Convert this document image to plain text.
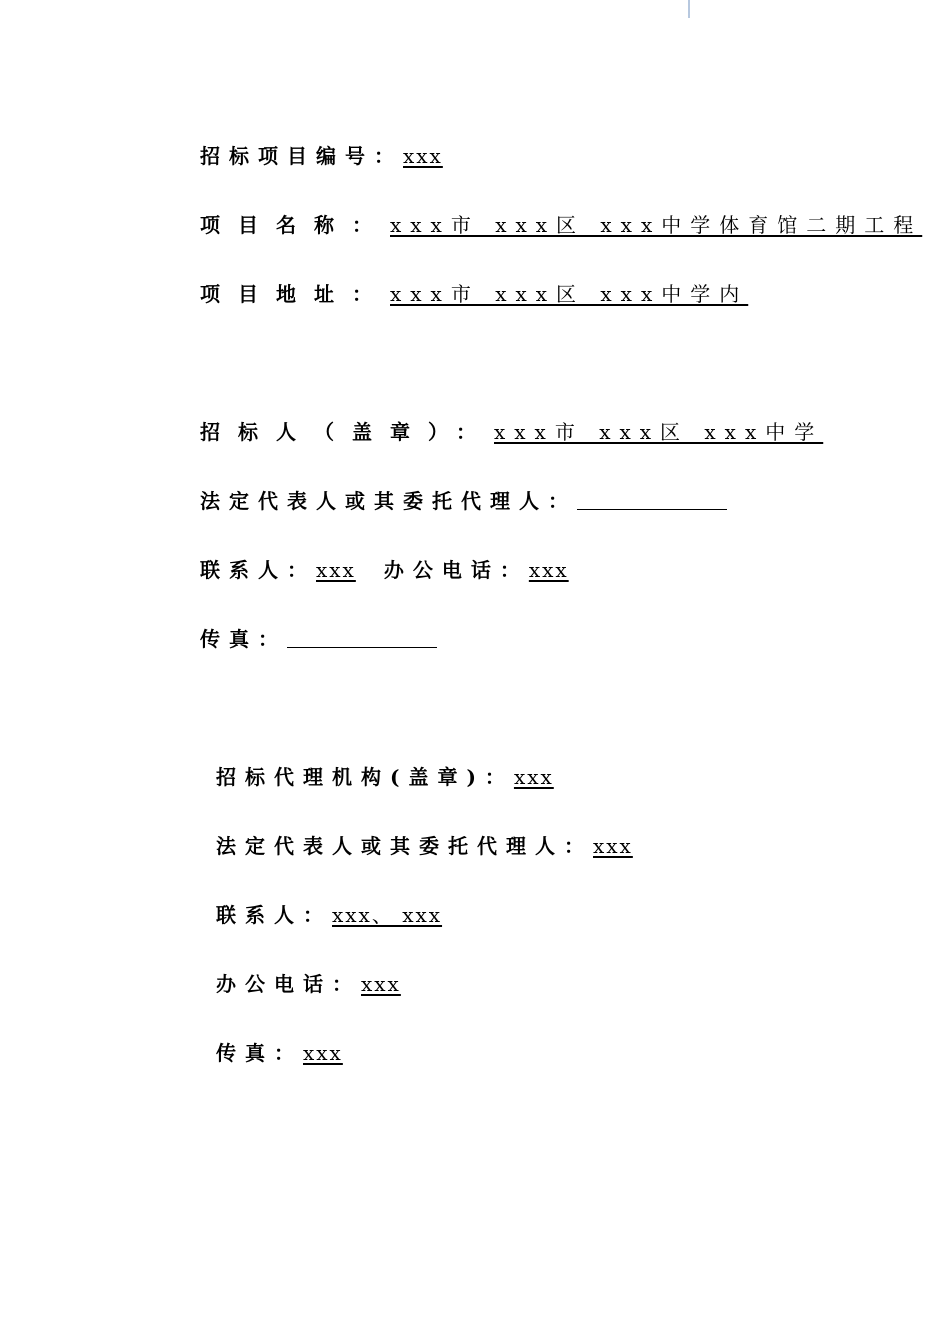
招标项目编号：xxx
项目名称：xxx市 xxx区 xxx中学体育馆二期工程
项目地址：xxx市 xxx区 xxx中学内
招标人（盖章）：xxx市 xxx区 xxx中学
法定代表人或其委托代理人：
联系人：xxx 办公电话：xxx
传真：
招标代理机构(盖章)：xxx
法定代表人或其委托代理人：xxx
联系人：xxx、 xxx
办公电话：xxx
传真：xxx
